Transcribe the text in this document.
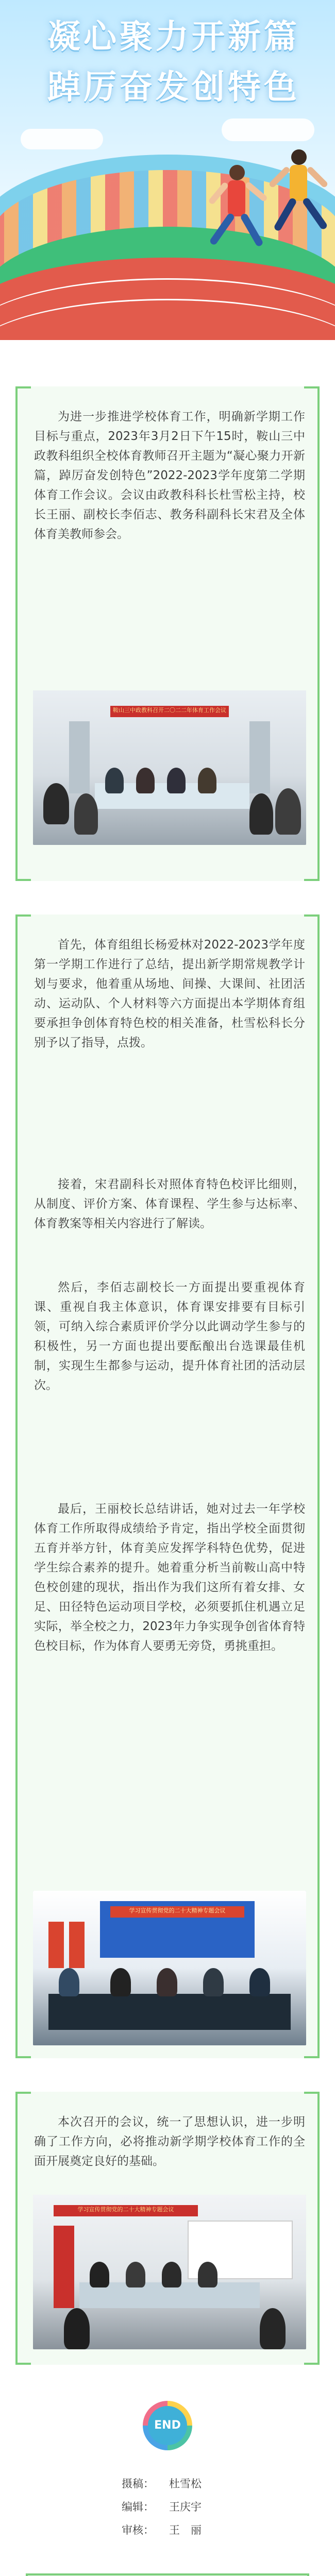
凝心聚力开新篇
踔厉奋发创特色
为进一步推进学校体育工作，明确新学期工作目标与重点，2023年3月2日下午15时，鞍山三中政教科组织全校体育教师召开主题为“凝心聚力开新篇，踔厉奋发创特色”2022-2023学年度第二学期体育工作会议。会议由政教科科长杜雪松主持，校长王丽、副校长李佰志、教务科副科长宋君及全体体育美教师参会。
鞍山三中政教科召开二〇二二年体育工作会议
首先，体育组组长杨爱林对2022-2023学年度第一学期工作进行了总结，提出新学期常规教学计划与要求，他着重从场地、间操、大课间、社团活动、运动队、个人材料等六方面提出本学期体育组要承担争创体育特色校的相关准备，杜雪松科长分别予以了指导，点拨。
接着，宋君副科长对照体育特色校评比细则，从制度、评价方案、体育课程、学生参与达标率、体育教案等相关内容进行了解读。
然后，李佰志副校长一方面提出要重视体育课、重视自我主体意识，体育课安排要有目标引领，可纳入综合素质评价学分以此调动学生参与的积极性，另一方面也提出要酝酿出台选课最佳机制，实现生生都参与运动，提升体育社团的活动层次。
最后，王丽校长总结讲话，她对过去一年学校体育工作所取得成绩给予肯定，指出学校全面贯彻五育并举方针，体育美应发挥学科特色优势，促进学生综合素养的提升。她着重分析当前鞍山高中特色校创建的现状，指出作为我们这所有着女排、女足、田径特色运动项目学校，必须要抓住机遇立足实际，举全校之力，2023年力争实现争创省体育特色校目标，作为体育人要勇无旁贷，勇挑重担。
学习宣传贯彻党的二十大精神专题会议
本次召开的会议，统一了思想认识，进一步明确了工作方向，必将推动新学期学校体育工作的全面开展奠定良好的基础。
学习宣传贯彻党的二十大精神专题会议
END
摄稿： 杜雪松
编辑： 王庆宇
审核： 王　丽
